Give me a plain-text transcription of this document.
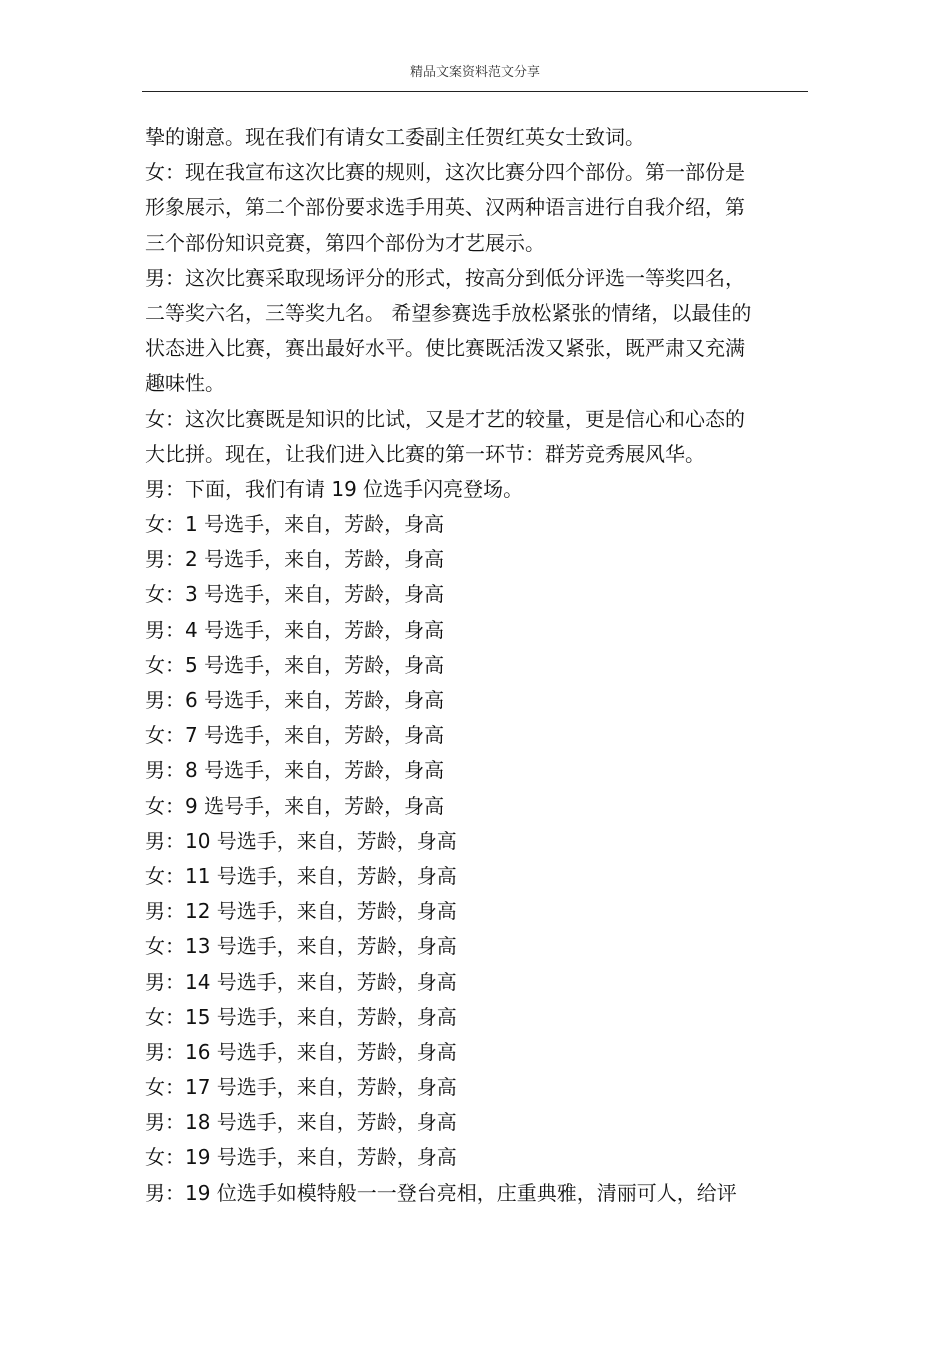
精品文案资料范文分享
挚的谢意。现在我们有请女工委副主任贺红英女士致词。
女：现在我宣布这次比赛的规则，这次比赛分四个部份。第一部份是
形象展示，第二个部份要求选手用英、汉两种语言进行自我介绍，第
三个部份知识竞赛，第四个部份为才艺展示。
男：这次比赛采取现场评分的形式，按高分到低分评选一等奖四名，
二等奖六名，三等奖九名。 希望参赛选手放松紧张的情绪，以最佳的
状态进入比赛，赛出最好水平。使比赛既活泼又紧张，既严肃又充满
趣味性。
女：这次比赛既是知识的比试，又是才艺的较量，更是信心和心态的
大比拼。现在，让我们进入比赛的第一环节：群芳竞秀展风华。
男：下面，我们有请 19 位选手闪亮登场。
女：1 号选手，来自，芳龄，身高
男：2 号选手，来自，芳龄，身高
女：3 号选手，来自，芳龄，身高
男：4 号选手，来自，芳龄，身高
女：5 号选手，来自，芳龄，身高
男：6 号选手，来自，芳龄，身高
女：7 号选手，来自，芳龄，身高
男：8 号选手，来自，芳龄，身高
女：9 选号手，来自，芳龄，身高
男：10 号选手，来自，芳龄，身高
女：11 号选手，来自，芳龄，身高
男：12 号选手，来自，芳龄，身高
女：13 号选手，来自，芳龄，身高
男：14 号选手，来自，芳龄，身高
女：15 号选手，来自，芳龄，身高
男：16 号选手，来自，芳龄，身高
女：17 号选手，来自，芳龄，身高
男：18 号选手，来自，芳龄，身高
女：19 号选手，来自，芳龄，身高
男：19 位选手如模特般一一登台亮相，庄重典雅，清丽可人，给评
